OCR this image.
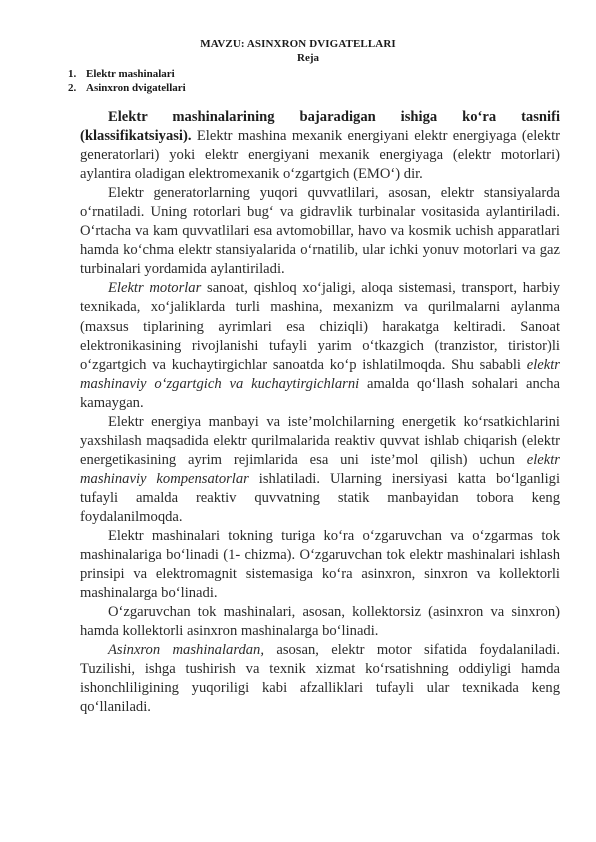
MAVZU: ASINXRON DVIGATELLARI
Reja
1. Elektr mashinalari
2. Asinxron dvigatellari

Elektr mashinalarining bajaradigan ishiga ko‘ra tasnifi (klassifikatsiyasi). Elektr mashina mexanik energiyani elektr energiyaga (elektr generatorlari) yoki elektr energiyani mexanik energiyaga (elektr motorlari) aylantira oladigan elektromexanik o‘zgartgich (EMO‘) dir.

Elektr generatorlarning yuqori quvvatlilari, asosan, elektr stansiyalarda o‘rnatiladi. Uning rotorlari bug‘ va gidravlik turbinalar vositasida aylantiriladi. O‘rtacha va kam quvvatlilari esa avtomobillar, havo va kosmik uchish apparatlari hamda ko‘chma elektr stansiyalarida o‘rnatilib, ular ichki yonuv motorlari va gaz turbinalari yordamida aylantiriladi.

Elektr motorlar sanoat, qishloq xo‘jaligi, aloqa sistemasi, transport, harbiy texnikada, xo‘jaliklarda turli mashina, mexanizm va qurilmalarni aylanma (maxsus tiplarining ayrimlari esa chiziqli) harakatga keltiradi. Sanoat elektronikasining rivojlanishi tufayli yarim o‘tkazgich (tranzistor, tiristor)li o‘zgartgich va kuchaytirgichlar sanoatda ko‘p ishlatilmoqda. Shu sababli elektr mashinaviy o‘zgartgich va kuchaytirgichlarni amalda qo‘llash sohalari ancha kamaygan.

Elektr energiya manbayi va iste’molchilarning energetik ko‘rsatkichlarini yaxshilash maqsadida elektr qurilmalarida reaktiv quvvat ishlab chiqarish (elektr energetikasining ayrim rejimlarida esa uni iste’mol qilish) uchun elektr mashinaviy kompensatorlar ishlatiladi. Ularning inersiyasi katta bo‘lganligi tufayli amalda reaktiv quvvatning statik manbayidan tobora keng foydalanilmoqda.

Elektr mashinalari tokning turiga ko‘ra o‘zgaruvchan va o‘zgarmas tok mashinalariga bo‘linadi (1- chizma). O‘zgaruvchan tok elektr mashinalari ishlash prinsipi va elektromagnit sistemasiga ko‘ra asinxron, sinxron va kollektorli mashinalarga bo‘linadi.

O‘zgaruvchan tok mashinalari, asosan, kollektorsiz (asinxron va sinxron) hamda kollektorli asinxron mashinalarga bo‘linadi.

Asinxron mashinalardan, asosan, elektr motor sifatida foydalaniladi. Tuzilishi, ishga tushirish va texnik xizmat ko‘rsatishning oddiyligi hamda ishonchliligining yuqoriligi kabi afzalliklari tufayli ular texnikada keng qo‘llaniladi.
